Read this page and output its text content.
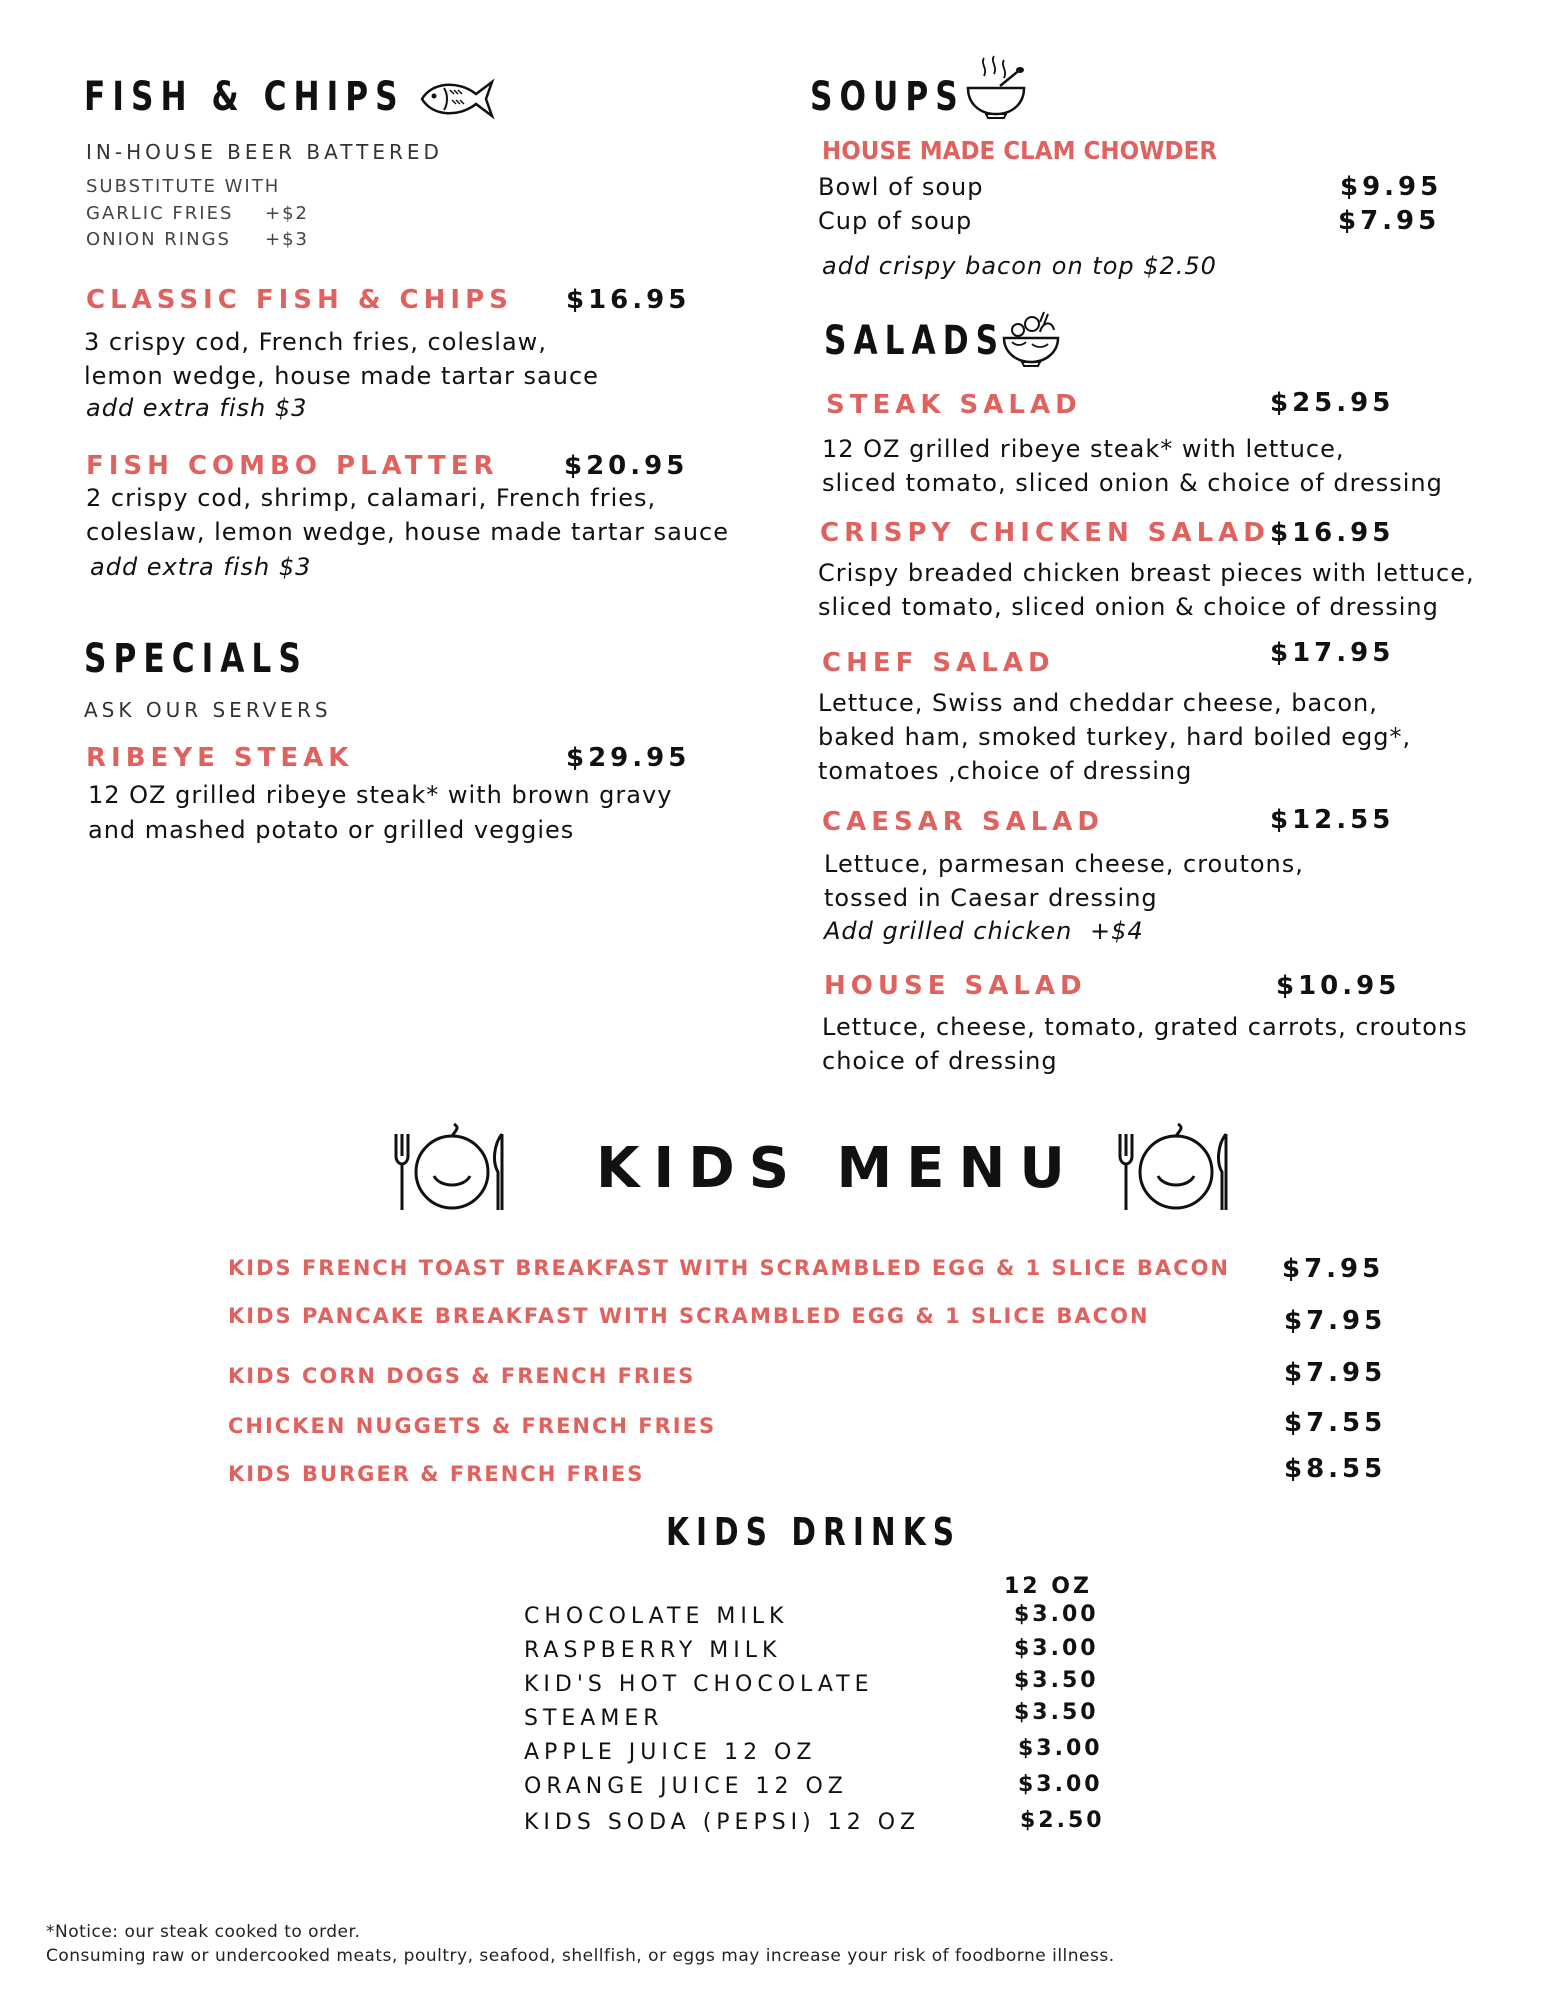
FISH & CHIPS
IN-HOUSE BEER BATTERED
SUBSTITUTE WITH
GARLIC FRIES +$2
ONION RINGS +$3
CLASSIC FISH & CHIPS $16.95
3 crispy cod, French fries, coleslaw,
lemon wedge, house made tartar sauce
add extra fish $3
FISH COMBO PLATTER	$20.95
2 crispy cod, shrimp, calamari, French fries,
coleslaw, lemon wedge, house made tartar sauce
add extra fish $3
SPECIALS
ASK OUR SERVERS
RIBEYE STEAK	$29.95
12 OZ grilled ribeye steak* with brown gravy
and mashed potato or grilled veggies
SOUPS
HOUSE MADE CLAM CHOWDER
Bowl of soup	$9.95
Cup of soup	$7.95
add crispy bacon on top $2.50
SALADS
STEAK SALAD	$25.95
12 OZ grilled ribeye steak* with lettuce,
sliced tomato, sliced onion & choice of dressing
CRISPY CHICKEN SALAD $16.95
Crispy breaded chicken breast pieces with lettuce,
sliced tomato, sliced onion & choice of dressing
CHEF SALAD	$17.95
Lettuce, Swiss and cheddar cheese, bacon,
baked ham, smoked turkey, hard boiled egg*,
tomatoes ,choice of dressing
CAESAR SALAD	$12.55
Lettuce, parmesan cheese, croutons,
tossed in Caesar dressing
Add grilled chicken +$4
HOUSE SALAD	$10.95
Lettuce, cheese, tomato, grated carrots, croutons
choice of dressing
KIDS MENU
KIDS FRENCH TOAST BREAKFAST WITH SCRAMBLED EGG & 1 SLICE BACON $7.95
KIDS PANCAKE BREAKFAST WITH SCRAMBLED EGG & 1 SLICE BACON	$7.95
KIDS CORN DOGS & FRENCH FRIES	$7.95
CHICKEN NUGGETS & FRENCH FRIES	$7.55
KIDS BURGER & FRENCH FRIES	$8.55
KIDS DRINKS
12 OZ
CHOCOLATE MILK	$3.00
RASPBERRY MILK	$3.00
KID'S HOT CHOCOLATE	$3.50
STEAMER	$3.50
APPLE JUICE 12 OZ	$3.00
ORANGE JUICE 12 OZ	$3.00
KIDS SODA (PEPSI) 12 OZ	$2.50
*Notice: our steak cooked to order.
Consuming raw or undercooked meats, poultry, seafood, shellfish, or eggs may increase your risk of foodborne illness.
